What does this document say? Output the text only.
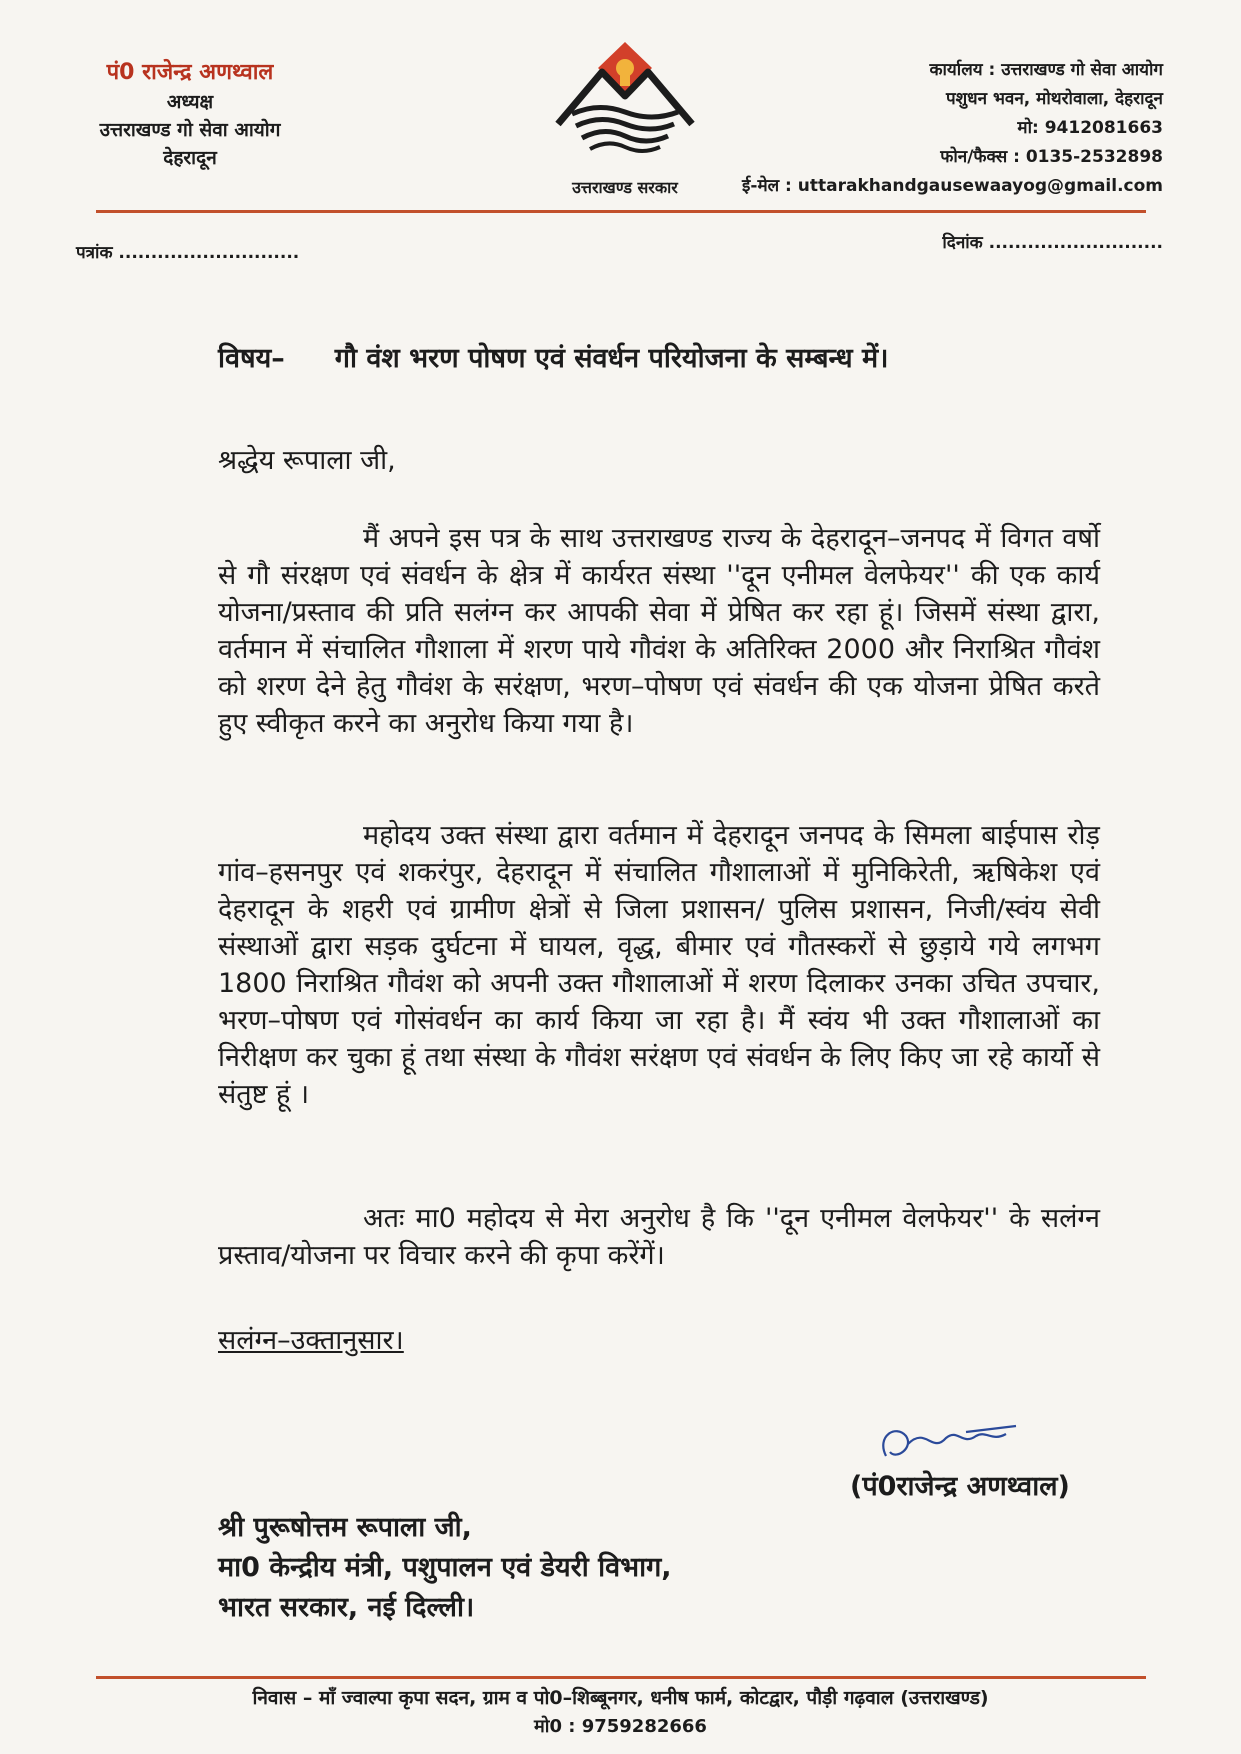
पं0 राजेन्द्र अणथ्वाल
अध्यक्ष
उत्तराखण्ड गो सेवा आयोग
देहरादून
उत्तराखण्ड सरकार
कार्यालय : उत्तराखण्ड गो सेवा आयोग
पशुधन भवन, मोथरोवाला, देहरादून
मो: 9412081663
फोन/फैक्स : 0135-2532898
ई-मेल : uttarakhandgausewaayog@gmail.com
पत्रांक ............................	दिनांक ...........................
विषय– गौ वंश भरण पोषण एवं संवर्धन परियोजना के सम्बन्ध में।
श्रद्धेय रूपाला जी,
मैं अपने इस पत्र के साथ उत्तराखण्ड राज्य के देहरादून–जनपद में विगत वर्षो से गौ संरक्षण एवं संवर्धन के क्षेत्र में कार्यरत संस्था ''दून एनीमल वेलफेयर'' की एक कार्य योजना/प्रस्ताव की प्रति सलंग्न कर आपकी सेवा में प्रेषित कर रहा हूं। जिसमें संस्था द्वारा, वर्तमान में संचालित गौशाला में शरण पाये गौवंश के अतिरिक्त 2000 और निराश्रित गौवंश को शरण देने हेतु गौवंश के सरंक्षण, भरण–पोषण एवं संवर्धन की एक योजना प्रेषित करते हुए स्वीकृत करने का अनुरोध किया गया है।
महोदय उक्त संस्था द्वारा वर्तमान में देहरादून जनपद के सिमला बाईपास रोड़ गांव–हसनपुर एवं शकरंपुर, देहरादून में संचालित गौशालाओं में मुनिकिरेती, ऋषिकेश एवं देहरादून के शहरी एवं ग्रामीण क्षेत्रों से जिला प्रशासन/ पुलिस प्रशासन, निजी/स्वंय सेवी संस्थाओं द्वारा सड़क दुर्घटना में घायल, वृद्ध, बीमार एवं गौतस्करों से छुड़ाये गये लगभग 1800 निराश्रित गौवंश को अपनी उक्त गौशालाओं में शरण दिलाकर उनका उचित उपचार, भरण–पोषण एवं गोसंवर्धन का कार्य किया जा रहा है। मैं स्वंय भी उक्त गौशालाओं का निरीक्षण कर चुका हूं तथा संस्था के गौवंश सरंक्षण एवं संवर्धन के लिए किए जा रहे कार्यो से संतुष्ट हूं ।
अतः मा0 महोदय से मेरा अनुरोध है कि ''दून एनीमल वेलफेयर'' के सलंग्न प्रस्ताव/योजना पर विचार करने की कृपा करेंगें।
सलंग्न–उक्तानुसार।
(पं0राजेन्द्र अणथ्वाल)
श्री पुरूषोत्तम रूपाला जी,
मा0 केन्द्रीय मंत्री, पशुपालन एवं डेयरी विभाग,
भारत सरकार, नई दिल्ली।
निवास – माँ ज्वाल्पा कृपा सदन, ग्राम व पो0–शिब्बूनगर, धनीष फार्म, कोटद्वार, पौड़ी गढ़वाल (उत्तराखण्ड)
मो0 : 9759282666
